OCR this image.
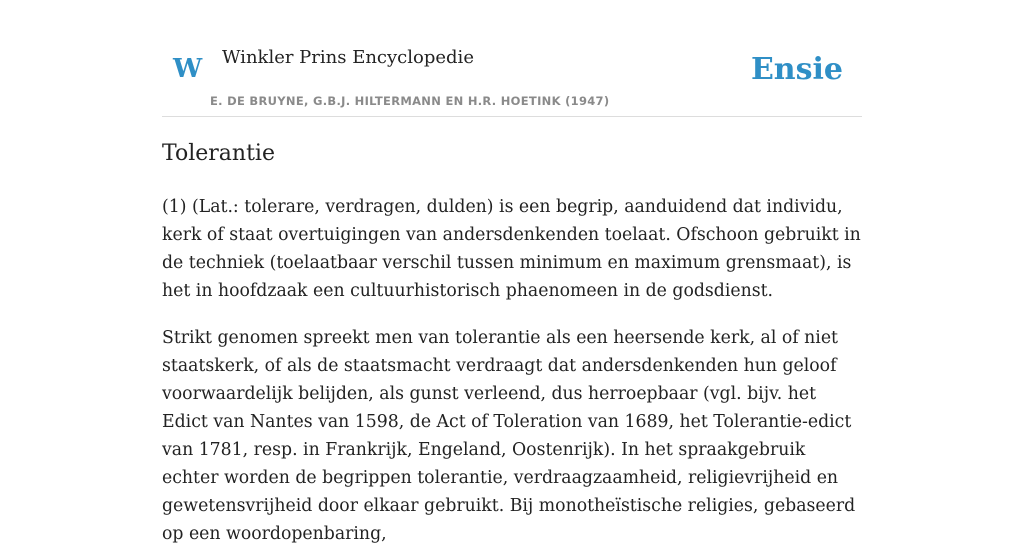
W Winkler Prins Encyclopedie
E. DE BRUYNE, G.B.J. HILTERMANN EN H.R. HOETINK (1947)
Ensie
Tolerantie

(1) (Lat.: tolerare, verdragen, dulden) is een begrip, aanduidend dat individu, kerk of staat overtuigingen van andersdenkenden toelaat. Ofschoon gebruikt in de techniek (toelaatbaar verschil tussen minimum en maximum grensmaat), is het in hoofdzaak een cultuurhistorisch phaenomeen in de godsdienst.

Strikt genomen spreekt men van tolerantie als een heersende kerk, al of niet staatskerk, of als de staatsmacht verdraagt dat andersdenkenden hun geloof voorwaardelijk belijden, als gunst verleend, dus herroepbaar (vgl. bijv. het Edict van Nantes van 1598, de Act of Toleration van 1689, het Tolerantie-edict van 1781, resp. in Frankrijk, Engeland, Oostenrijk). In het spraakgebruik echter worden de begrippen tolerantie, verdraagzaamheid, religievrijheid en gewetensvrijheid door elkaar gebruikt. Bij monotheïstische religies, gebaseerd op een woordopenbaring,
